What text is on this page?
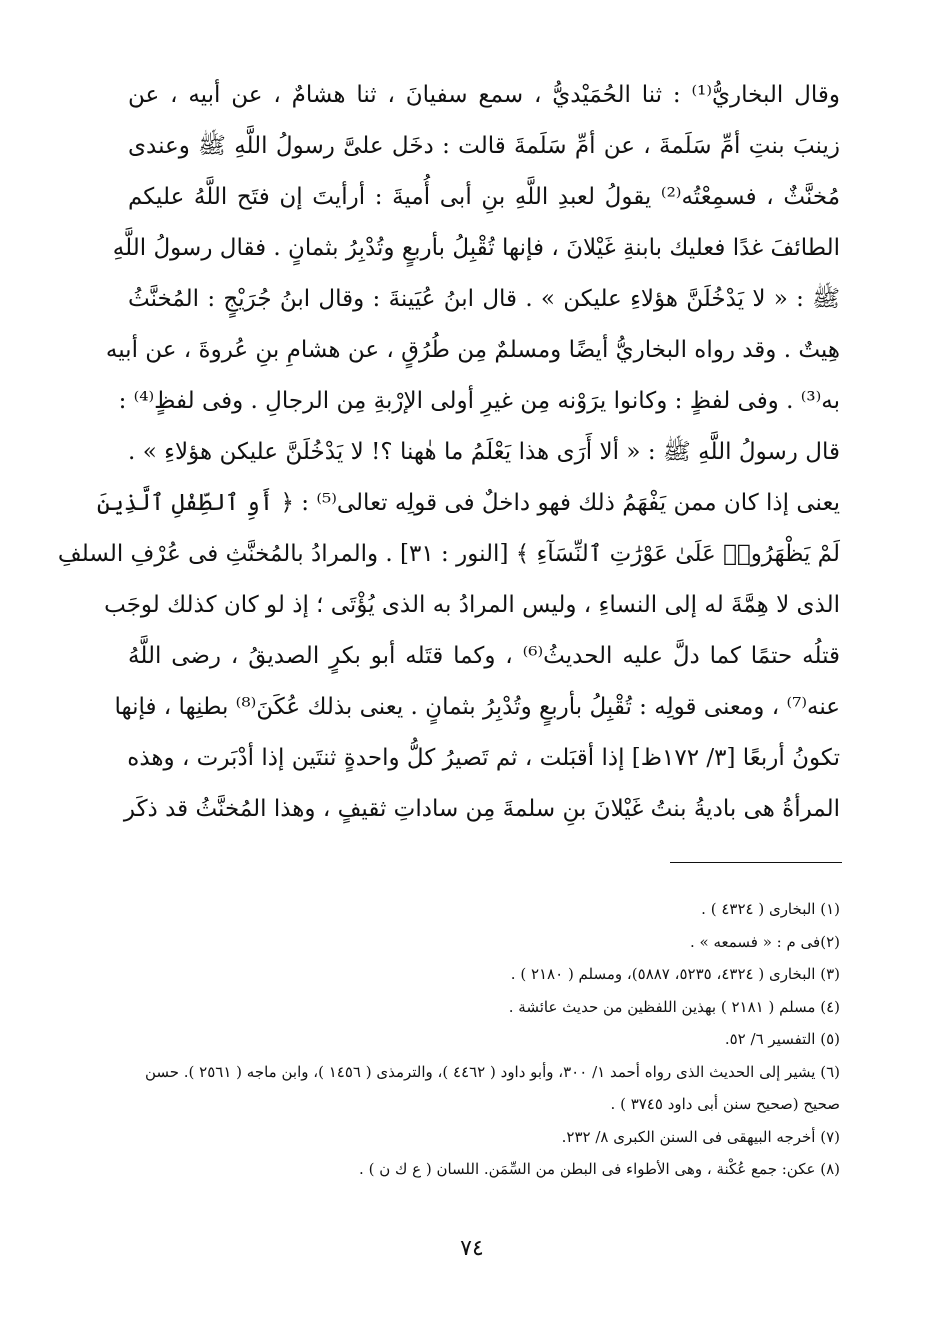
وقال البخاريُّ⁽¹⁾ : ثنا الحُمَيْديُّ ، سمع سفيانَ ، ثنا هشامٌ ، عن أبيه ، عن
زينبَ بنتِ أمِّ سَلَمةَ ، عن أمِّ سَلَمةَ قالت : دخَل علىَّ رسولُ اللَّهِ ﷺ وعندى
مُخنَّثٌ ، فسمِعْتُه⁽²⁾ يقولُ لعبدِ اللَّهِ بنِ أبى أُميةَ : أرأيتَ إن فتَح اللَّهُ عليكم
الطائفَ غدًا فعليك بابنةِ غَيْلانَ ، فإنها تُقْبِلُ بأربعٍ وتُدْبِرُ بثمانٍ . فقال رسولُ اللَّهِ
ﷺ : « لا يَدْخُلَنَّ هؤلاءِ عليكن » . قال ابنُ عُيَينةَ : وقال ابنُ جُرَيْجٍ : المُخنَّثُ
هِيتٌ . وقد رواه البخاريُّ أيضًا ومسلمٌ مِن طُرُقٍ ، عن هشامِ بنِ عُروةَ ، عن أبيه
به⁽³⁾ . وفى لفظٍ : وكانوا يرَوْنه مِن غيرِ أولى الإرْبةِ مِن الرجالِ . وفى لفظٍ⁽⁴⁾ :
قال رسولُ اللَّهِ ﷺ : « ألا أَرَى هذا يَعْلَمُ ما هٰهنا ؟! لا يَدْخُلَنَّ عليكن هؤلاءِ » .
يعنى إذا كان ممن يَفْهَمُ ذلك فهو داخلٌ فى قولِه تعالى⁽⁵⁾ : ﴿ أَوِ ٱلطِّفْلِ ٱلَّذِينَ
لَمْ يَظْهَرُوا۟ عَلَىٰ عَوْرَٰتِ ٱلنِّسَآءِ ﴾ [النور : ٣١] . والمرادُ بالمُخنَّثِ فى عُرْفِ السلفِ
الذى لا هِمَّةَ له إلى النساءِ ، وليس المرادُ به الذى يُؤْتَى ؛ إذ لو كان كذلك لوجَب
قتلُه حتمًا كما دلَّ عليه الحديثُ⁽⁶⁾ ، وكما قتَله أبو بكرٍ الصديقُ ، رضى اللَّهُ
عنه⁽⁷⁾ ، ومعنى قولِه : تُقْبِلُ بأربعٍ وتُدْبِرُ بثمانٍ . يعنى بذلك عُكَنَ⁽⁸⁾ بطنِها ، فإنها
تكونُ أربعًا [٣/ ١٧٢ظ] إذا أقبَلت ، ثم تَصيرُ كلُّ واحدةٍ ثنتَين إذا أدْبَرت ، وهذه
المرأةُ هى باديةُ بنتُ غَيْلانَ بنِ سلمةَ مِن ساداتِ ثقيفٍ ، وهذا المُخنَّثُ قد ذكَر
(١) البخارى ( ٤٣٢٤ ) .
(٢)فى م : « فسمعه » .
(٣) البخارى ( ٤٣٢٤، ٥٢٣٥، ٥٨٨٧)، ومسلم ( ٢١٨٠ ) .
(٤) مسلم ( ٢١٨١ ) بهذين اللفظين من حديث عائشة .
(٥) التفسير ٦/ ٥٢.
(٦) يشير إلى الحديث الذى رواه أحمد ١/ ٣٠٠، وأبو داود ( ٤٤٦٢ )، والترمذى ( ١٤٥٦ )، وابن ماجه ( ٢٥٦١ ). حسن صحيح (صحيح سنن أبى داود ٣٧٤٥ ) .
(٧) أخرجه البيهقى فى السنن الكبرى ٨/ ٢٣٢.
(٨) عكن: جمع عُكْنة ، وهى الأطواء فى البطن من السِّمَن. اللسان ( ع ك ن ) .
٧٤
